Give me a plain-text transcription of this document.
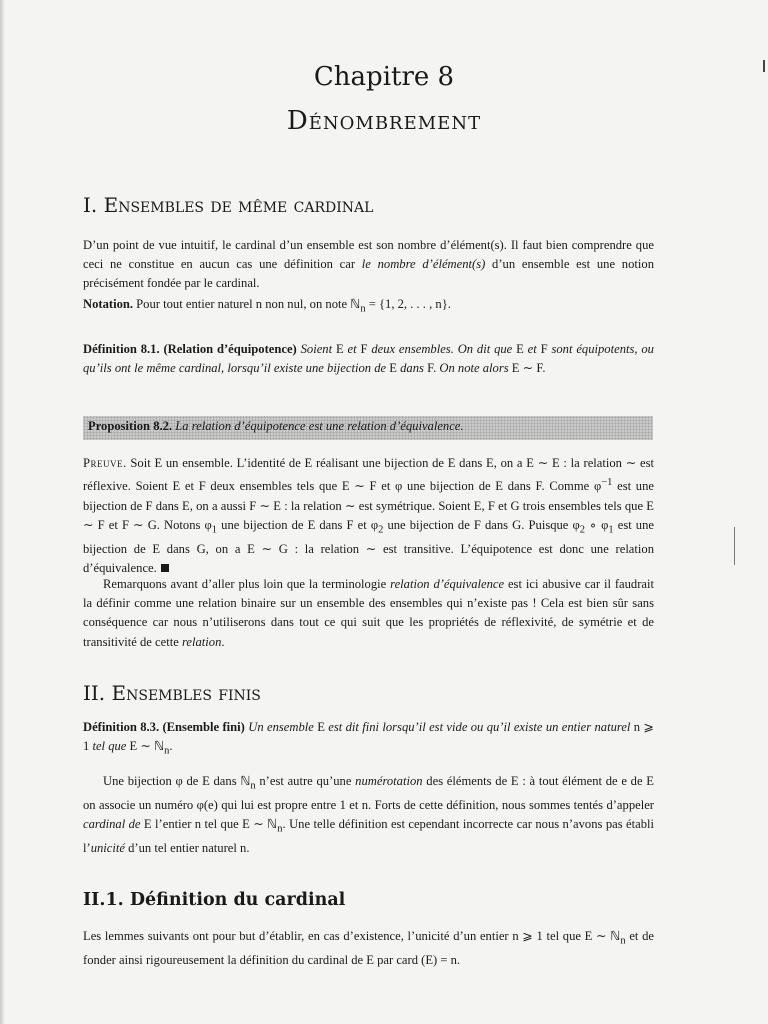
Chapitre 8
Dénombrement
I. Ensembles de même cardinal

D’un point de vue intuitif, le cardinal d’un ensemble est son nombre d’élément(s). Il faut bien comprendre que ceci ne constitue en aucun cas une définition car le nombre d’élément(s) d’un ensemble est une notion précisément fondée par le cardinal.

Notation. Pour tout entier naturel n non nul, on note ℕ$_n$ = {1, 2, . . . , n}.

Définition 8.1. (Relation d’équipotence) Soient E et F deux ensembles. On dit que E et F sont équipotents, ou qu’ils ont le même cardinal, lorsqu’il existe une bijection de E dans F. On note alors E ∼ F.

Proposition 8.2. La relation d’équipotence est une relation d’équivalence.

Preuve. Soit E un ensemble. L’identité de E réalisant une bijection de E dans E, on a E ∼ E : la relation ∼ est réflexive. Soient E et F deux ensembles tels que E ∼ F et φ une bijection de E dans F. Comme $\varphi^{-1}$ est une bijection de F dans E, on a aussi F ∼ E : la relation ∼ est symétrique. Soient E, F et G trois ensembles tels que E ∼ F et F ∼ G. Notons $\varphi_1$ une bijection de E dans F et $\varphi_2$ une bijection de F dans G. Puisque $\varphi_2$ ∘ $\varphi_1$ est une bijection de E dans G, on a E ∼ G : la relation ∼ est transitive. L’équipotence est donc une relation d’équivalence.

Remarquons avant d’aller plus loin que la terminologie relation d’équivalence est ici abusive car il faudrait la définir comme une relation binaire sur un ensemble des ensembles qui n’existe pas ! Cela est bien sûr sans conséquence car nous n’utiliserons dans tout ce qui suit que les propriétés de réflexivité, de symétrie et de transitivité de cette relation.

II. Ensembles finis

Définition 8.3. (Ensemble fini) Un ensemble E est dit fini lorsqu’il est vide ou qu’il existe un entier naturel n ⩾ 1 tel que E ∼ ℕ$_n$.

Une bijection φ de E dans ℕ$_n$ n’est autre qu’une numérotation des éléments de E : à tout élément de e de E on associe un numéro φ(e) qui lui est propre entre 1 et n. Forts de cette définition, nous sommes tentés d’appeler cardinal de E l’entier n tel que E ∼ ℕ$_n$. Une telle définition est cependant incorrecte car nous n’avons pas établi l’unicité d’un tel entier naturel n.

II.1. Définition du cardinal

Les lemmes suivants ont pour but d’établir, en cas d’existence, l’unicité d’un entier n ⩾ 1 tel que E ∼ ℕ$_n$ et de fonder ainsi rigoureusement la définition du cardinal de E par card (E) = n.
